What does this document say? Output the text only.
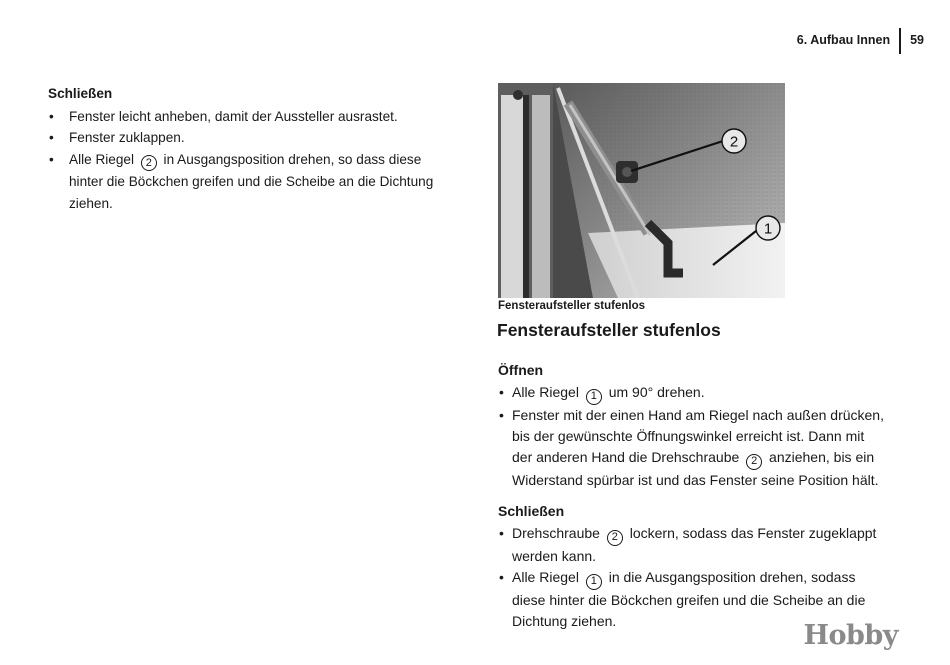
6. Aufbau Innen 59
Schließen
• Fenster leicht anheben, damit der Aussteller ausrastet.
• Fenster zuklappen.
• Alle Riegel 2 in Ausgangsposition drehen, so dass diese
hinter die Böckchen greifen und die Scheibe an die Dichtung
ziehen.
2
1
Fensteraufsteller stufenlos
Fensteraufsteller stufenlos
Öffnen
• Alle Riegel 1 um 90° drehen.
• Fenster mit der einen Hand am Riegel nach außen drücken,
bis der gewünschte Öffnungswinkel erreicht ist. Dann mit
der anderen Hand die Drehschraube 2 anziehen, bis ein
Widerstand spürbar ist und das Fenster seine Position hält.
Schließen
• Drehschraube 2 lockern, sodass das Fenster zugeklappt
werden kann.
• Alle Riegel 1 in die Ausgangsposition drehen, sodass
diese hinter die Böckchen greifen und die Scheibe an die
Dichtung ziehen.	Hobby
